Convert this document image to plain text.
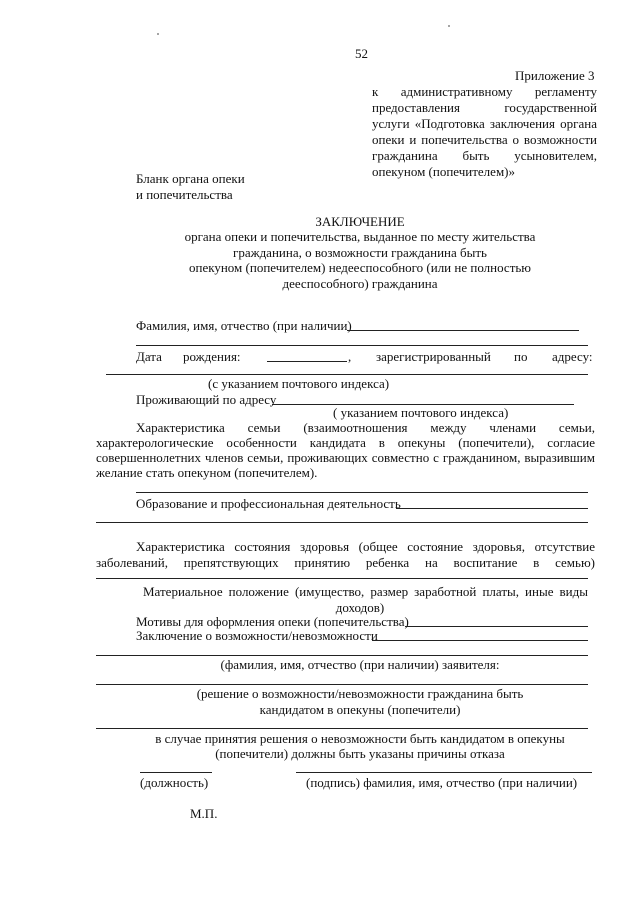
52
Приложение 3
к административному регламенту
предоставления государственной
услуги «Подготовка заключения органа
опеки и попечительства о возможности
гражданина быть усыновителем,
опекуном (попечителем)»
Бланк органа опеки
и попечительства
ЗАКЛЮЧЕНИЕ
органа опеки и попечительства, выданное по месту жительства
гражданина, о возможности гражданина быть
опекуном (попечителем) недееспособного (или не полностью
дееспособного) гражданина
Фамилия, имя, отчество (при наличии)
Дата рождения:	, зарегистрированный по адресу:
(с указанием почтового индекса)
Проживающий по адресу
( указанием почтового индекса)
Характеристика семьи (взаимоотношения между членами семьи,
характерологические особенности кандидата в опекуны (попечители), согласие
совершеннолетних членов семьи, проживающих совместно с гражданином, выразившим
желание стать опекуном (попечителем).
Образование и профессиональная деятельность
Характеристика состояния здоровья (общее состояние здоровья, отсутствие
заболеваний, препятствующих принятию ребенка на воспитание в семью)
Материальное положение (имущество, размер заработной платы, иные виды
доходов)
Мотивы для оформления опеки (попечительства)
Заключение о возможности/невозможности
(фамилия, имя, отчество (при наличии) заявителя:
(решение о возможности/невозможности гражданина быть
кандидатом в опекуны (попечители)
в случае принятия решения о невозможности быть кандидатом в опекуны
(попечители) должны быть указаны причины отказа
(должность)	(подпись) фамилия, имя, отчество (при наличии)
М.П.
